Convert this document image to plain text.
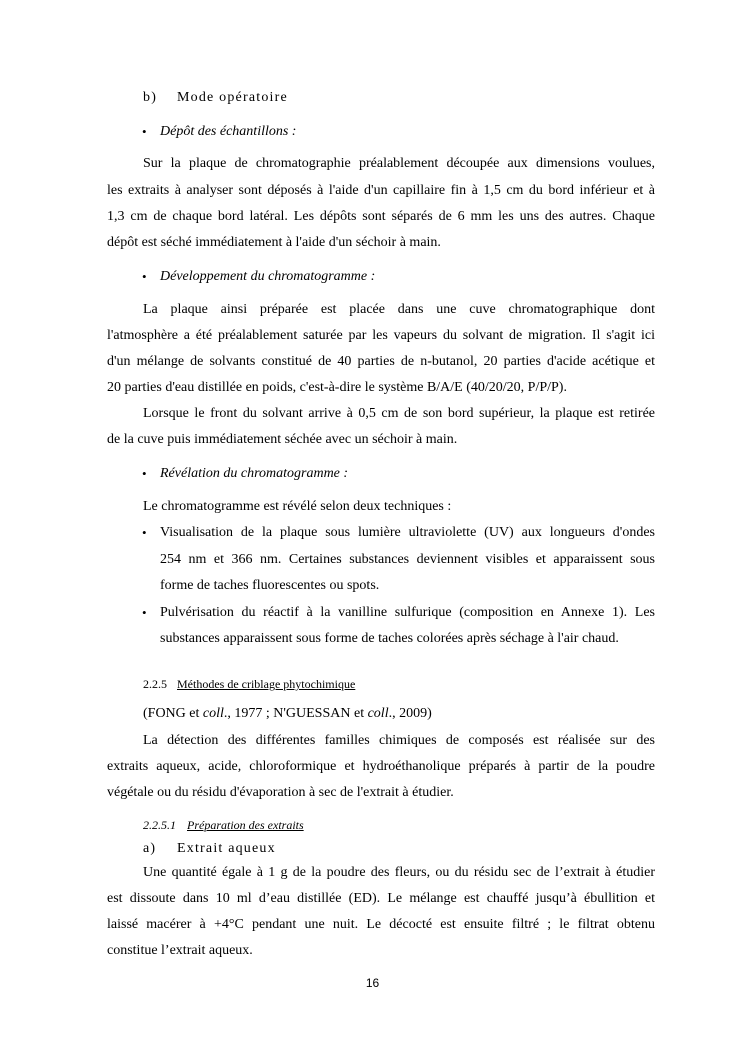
b) Mode opératoire
• Dépôt des échantillons :
Sur la plaque de chromatographie préalablement découpée aux dimensions voulues,
les extraits à analyser sont déposés à l'aide d'un capillaire fin à 1,5 cm du bord inférieur et à
1,3 cm de chaque bord latéral. Les dépôts sont séparés de 6 mm les uns des autres. Chaque
dépôt est séché immédiatement à l'aide d'un séchoir à main.
• Développement du chromatogramme :
La plaque ainsi préparée est placée dans une cuve chromatographique dont
l'atmosphère a été préalablement saturée par les vapeurs du solvant de migration. Il s'agit ici
d'un mélange de solvants constitué de 40 parties de n-butanol, 20 parties d'acide acétique et
20 parties d'eau distillée en poids, c'est-à-dire le système B/A/E (40/20/20, P/P/P).
Lorsque le front du solvant arrive à 0,5 cm de son bord supérieur, la plaque est retirée
de la cuve puis immédiatement séchée avec un séchoir à main.
• Révélation du chromatogramme :
Le chromatogramme est révélé selon deux techniques :
• Visualisation de la plaque sous lumière ultraviolette (UV) aux longueurs d'ondes
254 nm et 366 nm. Certaines substances deviennent visibles et apparaissent sous
forme de taches fluorescentes ou spots.
• Pulvérisation du réactif à la vanilline sulfurique (composition en Annexe 1). Les
substances apparaissent sous forme de taches colorées après séchage à l'air chaud.
2.2.5 Méthodes de criblage phytochimique
(FONG et coll., 1977 ; N'GUESSAN et coll., 2009)
La détection des différentes familles chimiques de composés est réalisée sur des
extraits aqueux, acide, chloroformique et hydroéthanolique préparés à partir de la poudre
végétale ou du résidu d'évaporation à sec de l'extrait à étudier.
2.2.5.1 Préparation des extraits
a) Extrait aqueux
Une quantité égale à 1 g de la poudre des fleurs, ou du résidu sec de l’extrait à étudier
est dissoute dans 10 ml d’eau distillée (ED). Le mélange est chauffé jusqu’à ébullition et
laissé macérer à +4°C pendant une nuit. Le décocté est ensuite filtré ; le filtrat obtenu
constitue l’extrait aqueux.
16
